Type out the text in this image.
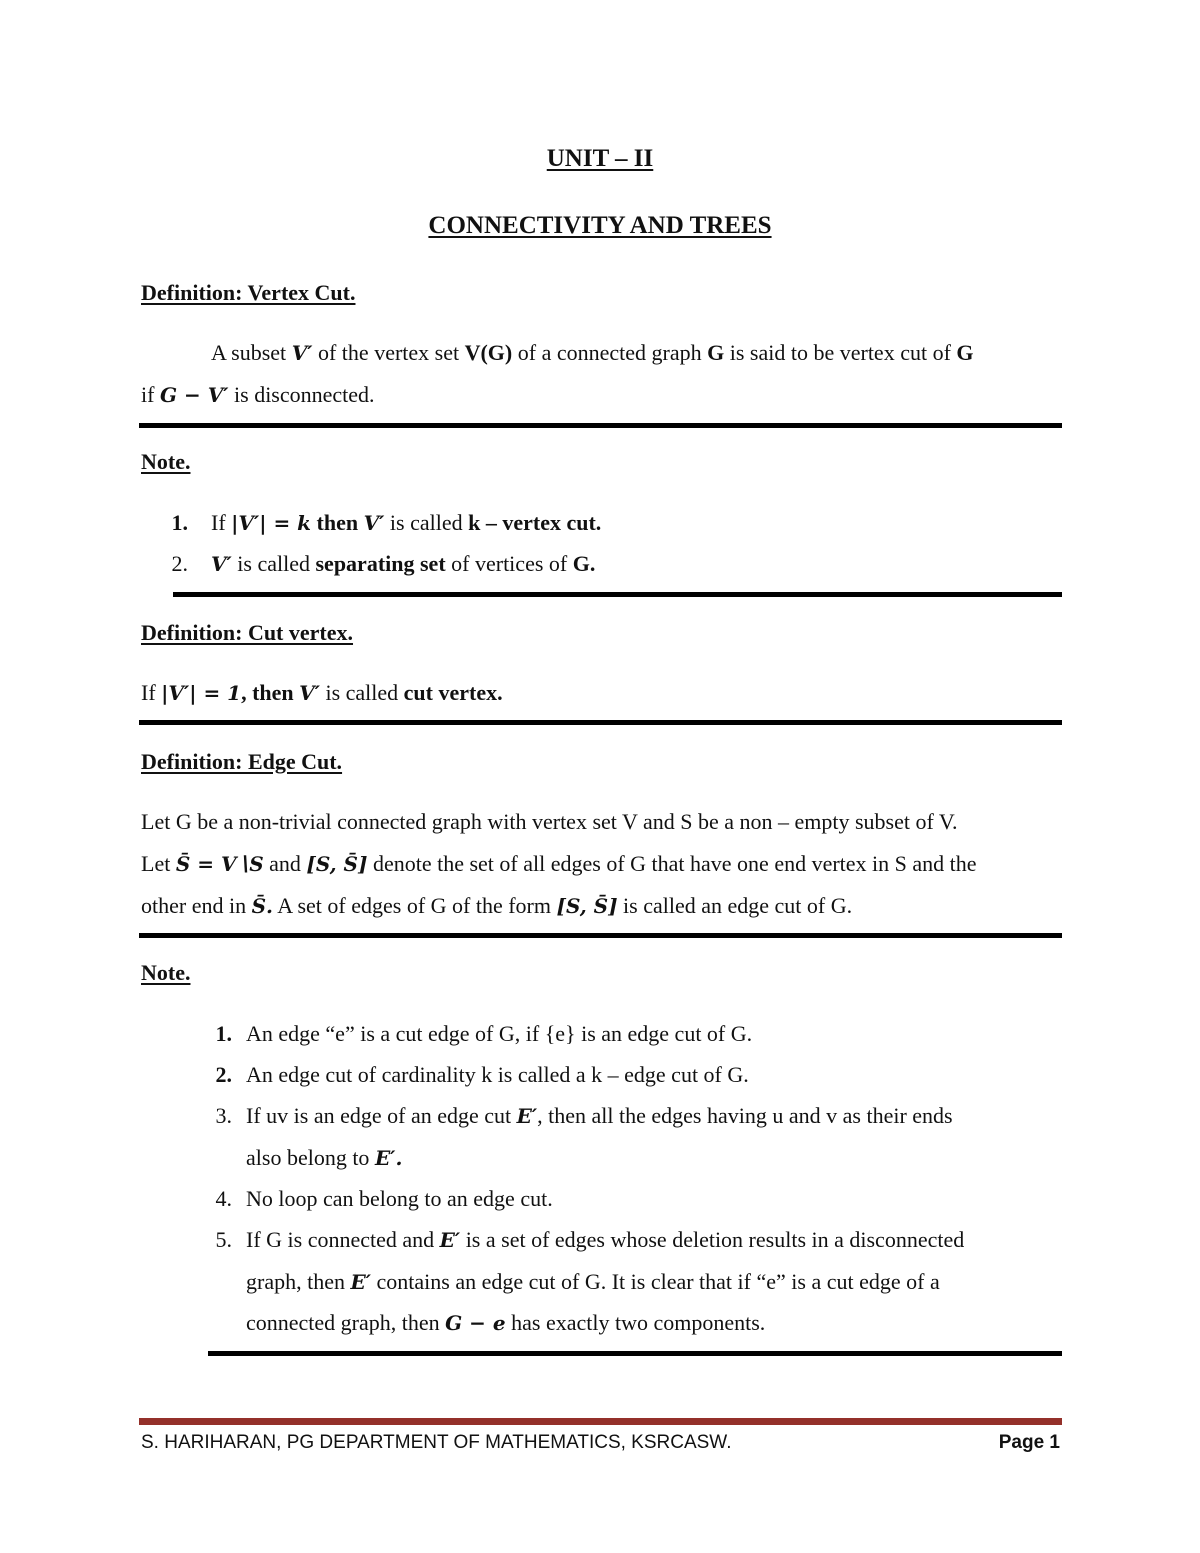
UNIT – II
CONNECTIVITY AND TREES
Definition: Vertex Cut.
A subset V′ of the vertex set V(G) of a connected graph G is said to be vertex cut of G
if G − V′ is disconnected.
Note.
1. If |V′| = k then V′ is called k – vertex cut.
2. V′ is called separating set of vertices of G.
Definition: Cut vertex.
If |V′| = 1, then V′ is called cut vertex.
Definition: Edge Cut.
Let G be a non-trivial connected graph with vertex set V and S be a non – empty subset of V.
Let S̄ = V∖S and [S, S̄] denote the set of all edges of G that have one end vertex in S and the
other end in S̄. A set of edges of G of the form [S, S̄] is called an edge cut of G.
Note.
1. An edge “e” is a cut edge of G, if {e} is an edge cut of G.
2. An edge cut of cardinality k is called a k – edge cut of G.
3. If uv is an edge of an edge cut E′, then all the edges having u and v as their ends
also belong to E′.
4. No loop can belong to an edge cut.
5. If G is connected and E′ is a set of edges whose deletion results in a disconnected
graph, then E′ contains an edge cut of G. It is clear that if “e” is a cut edge of a
connected graph, then G − e has exactly two components.
S. HARIHARAN, PG DEPARTMENT OF MATHEMATICS, KSRCASW.	Page 1
